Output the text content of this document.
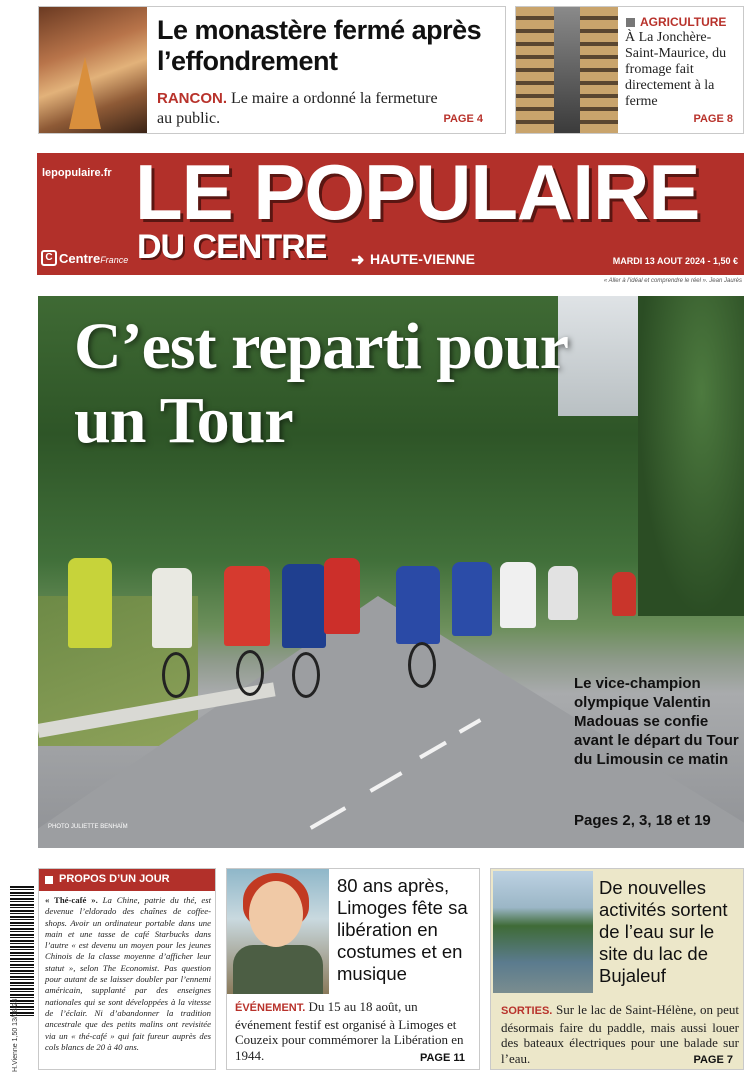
Le monastère fermé après l’effondrement
RANCON. Le maire a ordonné la fermeture au public.	PAGE 4
AGRICULTURE
À La Jonchère-Saint-Maurice, du fromage fait directement à la ferme
PAGE 8
lepopulaire.fr LE POPULAIRE
DU CENTRE ➜ HAUTE-VIENNE
C CentreFrance	MARDI 13 AOUT 2024 - 1,50 €
« Aller à l’idéal et comprendre le réel ». Jean Jaurès
C’est reparti pour un Tour
Le vice-champion olympique Valentin Madouas se confie avant le départ du Tour du Limousin ce matin
Pages 2, 3, 18 et 19
PHOTO JULIETTE BENHAÏM
H.Vienne 1,50 13/08/24
PROPOS D’UN JOUR
« Thé-café ». La Chine, patrie du thé, est devenue l’eldorado des chaînes de coffee-shops. Avoir un ordinateur portable dans une main et une tasse de café Starbucks dans l’autre « est devenu un moyen pour les jeunes Chinois de la classe moyenne d’afficher leur statut », selon The Economist. Pas question pour autant de se laisser doubler par l’ennemi américain, supplanté par des enseignes nationales qui se sont développées à la vitesse de l’éclair. Ni d’abandonner la tradition ancestrale que des petits malins ont revisitée via un « thé-café » qui fait fureur auprès des cols blancs de 20 à 40 ans.
80 ans après, Limoges fête sa libération en costumes et en musique
ÉVÉNEMENT. Du 15 au 18 août, un événement festif est organisé à Limoges et Couzeix pour commémorer la Libération en 1944.	PAGE 11
De nouvelles activités sortent de l’eau sur le site du lac de Bujaleuf
SORTIES. Sur le lac de Saint-Hélène, on peut désormais faire du paddle, mais aussi louer des bateaux électriques pour une balade sur l’eau.	PAGE 7
